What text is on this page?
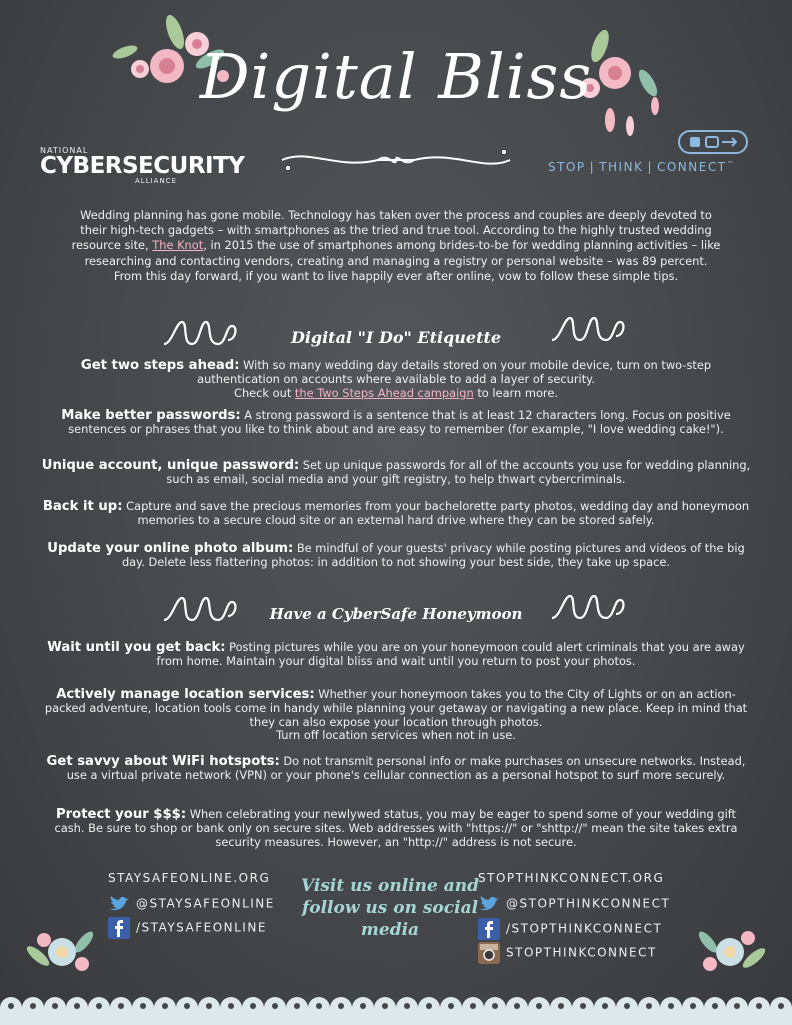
Digital Bliss
NATIONAL
CYBERSECURITY
ALLIANCE
STOP | THINK | CONNECT™
Wedding planning has gone mobile. Technology has taken over the process and couples are deeply devoted to their high-tech gadgets – with smartphones as the tried and true tool. According to the highly trusted wedding resource site, The Knot, in 2015 the use of smartphones among brides-to-be for wedding planning activities – like researching and contacting vendors, creating and managing a registry or personal website – was 89 percent. From this day forward, if you want to live happily ever after online, vow to follow these simple tips.
Digital "I Do" Etiquette
Get two steps ahead: With so many wedding day details stored on your mobile device, turn on two-step authentication on accounts where available to add a layer of security.
Check out the Two Steps Ahead campaign to learn more.
Make better passwords: A strong password is a sentence that is at least 12 characters long. Focus on positive sentences or phrases that you like to think about and are easy to remember (for example, "I love wedding cake!").
Unique account, unique password: Set up unique passwords for all of the accounts you use for wedding planning, such as email, social media and your gift registry, to help thwart cybercriminals.
Back it up: Capture and save the precious memories from your bachelorette party photos, wedding day and honeymoon memories to a secure cloud site or an external hard drive where they can be stored safely.
Update your online photo album: Be mindful of your guests' privacy while posting pictures and videos of the big day. Delete less flattering photos: in addition to not showing your best side, they take up space.
Have a CyberSafe Honeymoon
Wait until you get back: Posting pictures while you are on your honeymoon could alert criminals that you are away from home. Maintain your digital bliss and wait until you return to post your photos.
Actively manage location services: Whether your honeymoon takes you to the City of Lights or on an action-packed adventure, location tools come in handy while planning your getaway or navigating a new place. Keep in mind that they can also expose your location through photos.
Turn off location services when not in use.
Get savvy about WiFi hotspots: Do not transmit personal info or make purchases on unsecure networks. Instead, use a virtual private network (VPN) or your phone's cellular connection as a personal hotspot to surf more securely.
Protect your $$$: When celebrating your newlywed status, you may be eager to spend some of your wedding gift cash. Be sure to shop or bank only on secure sites. Web addresses with "https://" or "shttp://" mean the site takes extra security measures. However, an "http://" address is not secure.
STAYSAFEONLINE.ORG
@STAYSAFEONLINE
/STAYSAFEONLINE
Visit us online and follow us on social media
STOPTHINKCONNECT.ORG
@STOPTHINKCONNECT
/STOPTHINKCONNECT
STOPTHINKCONNECT
